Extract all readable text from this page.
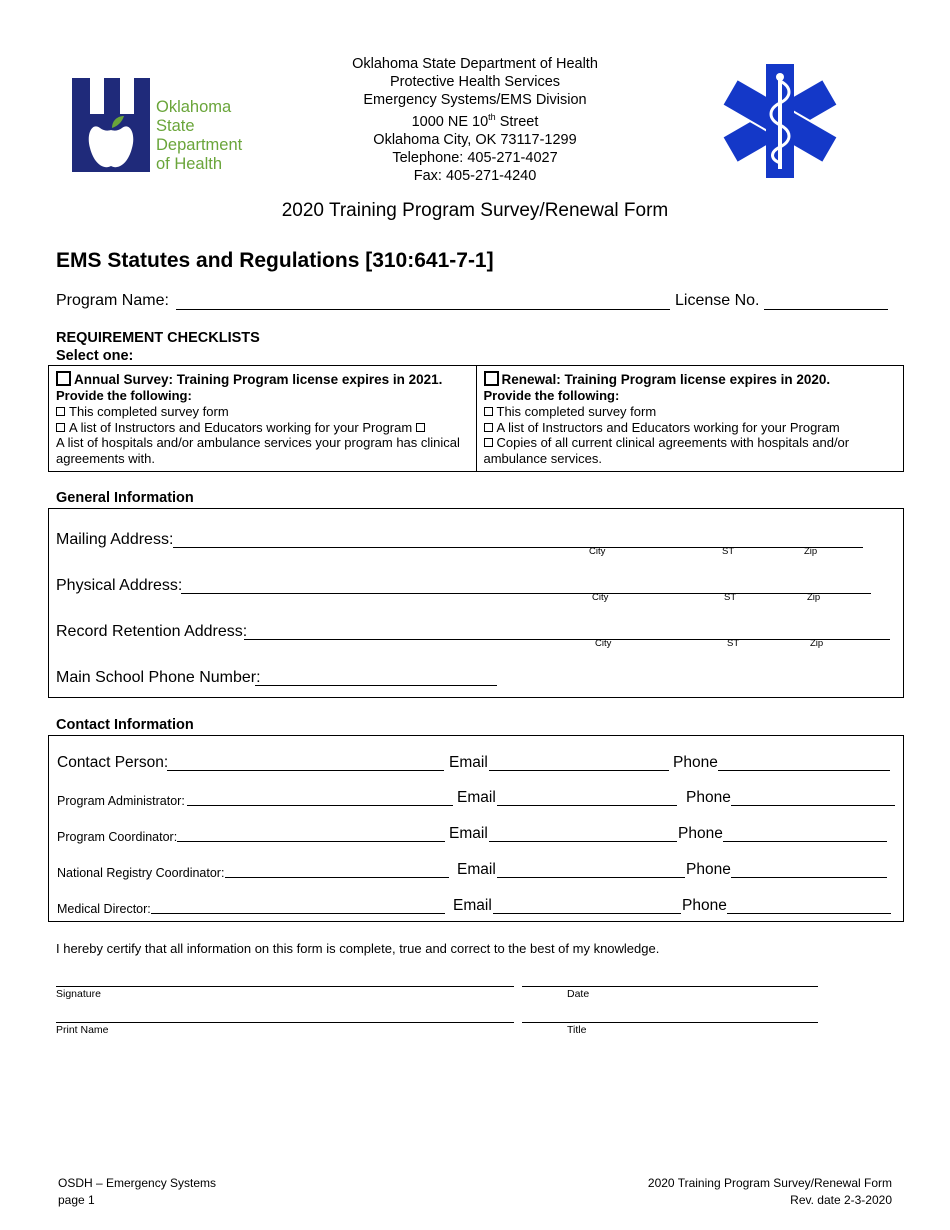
Oklahoma
State
Department
of Health
Oklahoma State Department of Health
Protective Health Services
Emergency Systems/EMS Division
1000 NE 10th Street
Oklahoma City, OK 73117-1299
Telephone: 405-271-4027
Fax: 405-271-4240
2020 Training Program Survey/Renewal Form
EMS Statutes and Regulations [310:641-7-1]
Program Name:	License No.
REQUIREMENT CHECKLISTS
Select one:
Annual Survey: Training Program license expires in 2021.
Provide the following:
This completed survey form
A list of Instructors and Educators working for your Program
A list of hospitals and/or ambulance services your program has clinical agreements with.
Renewal: Training Program license expires in 2020.
Provide the following:
This completed survey form
A list of Instructors and Educators working for your Program
Copies of all current clinical agreements with hospitals and/or ambulance services.
General Information
Mailing Address:
City	ST	Zip
Physical Address:
City	ST	Zip
Record Retention Address:
City	ST	Zip
Main School Phone Number:
Contact Information
Contact Person:	Email	Phone
Program Administrator:	Email	Phone
Program Coordinator:	Email	Phone
National Registry Coordinator:	Email	Phone
Medical Director:	Email	Phone
I hereby certify that all information on this form is complete, true and correct to the best of my knowledge.
Signature	Date
Print Name	Title
OSDH – Emergency Systems
page 1
2020 Training Program Survey/Renewal Form
Rev. date 2-3-2020
